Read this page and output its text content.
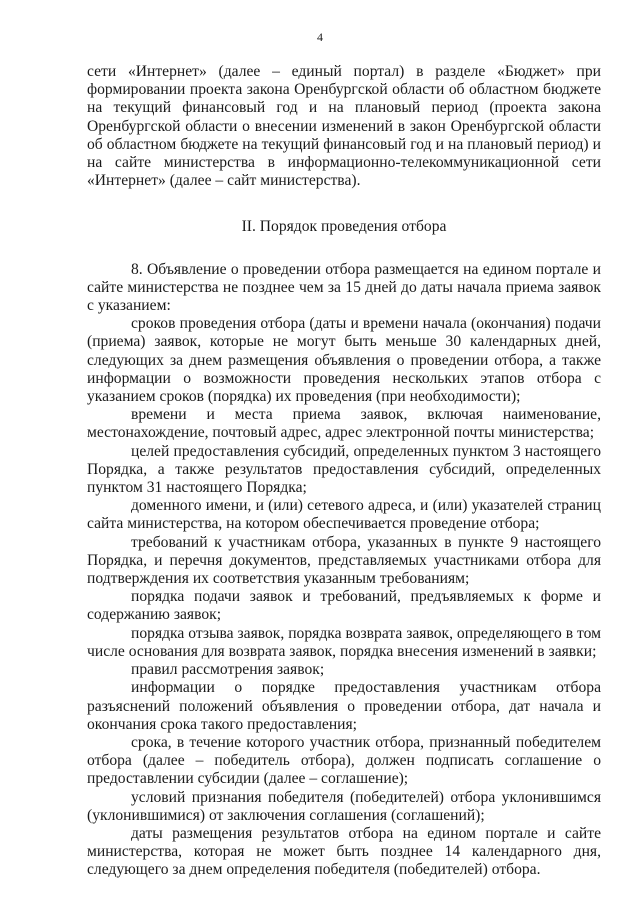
4

сети «Интернет» (далее – единый портал) в разделе «Бюджет» при формировании проекта закона Оренбургской области об областном бюджете на текущий финансовый год и на плановый период (проекта закона Оренбургской области о внесении изменений в закон Оренбургской области об областном бюджете на текущий финансовый год и на плановый период) и на сайте министерства в информационно-телекоммуникационной сети «Интернет» (далее – сайт министерства).

II. Порядок проведения отбора

8. Объявление о проведении отбора размещается на едином портале и сайте министерства не позднее чем за 15 дней до даты начала приема заявок с указанием:

сроков проведения отбора (даты и времени начала (окончания) подачи (приема) заявок, которые не могут быть меньше 30 календарных дней, следующих за днем размещения объявления о проведении отбора, а также информации о возможности проведения нескольких этапов отбора с указанием сроков (порядка) их проведения (при необходимости);

времени и места приема заявок, включая наименование, местонахождение, почтовый адрес, адрес электронной почты министерства;

целей предоставления субсидий, определенных пунктом 3 настоящего Порядка, а также результатов предоставления субсидий, определенных пунктом 31 настоящего Порядка;

доменного имени, и (или) сетевого адреса, и (или) указателей страниц сайта министерства, на котором обеспечивается проведение отбора;

требований к участникам отбора, указанных в пункте 9 настоящего Порядка, и перечня документов, представляемых участниками отбора для подтверждения их соответствия указанным требованиям;

порядка подачи заявок и требований, предъявляемых к форме и содержанию заявок;

порядка отзыва заявок, порядка возврата заявок, определяющего в том числе основания для возврата заявок, порядка внесения изменений в заявки;

правил рассмотрения заявок;

информации о порядке предоставления участникам отбора разъяснений положений объявления о проведении отбора, дат начала и окончания срока такого предоставления;

срока, в течение которого участник отбора, признанный победителем отбора (далее – победитель отбора), должен подписать соглашение о предоставлении субсидии (далее – соглашение);

условий признания победителя (победителей) отбора уклонившимся (уклонившимися) от заключения соглашения (соглашений);

даты размещения результатов отбора на едином портале и сайте министерства, которая не может быть позднее 14 календарного дня, следующего за днем определения победителя (победителей) отбора.
